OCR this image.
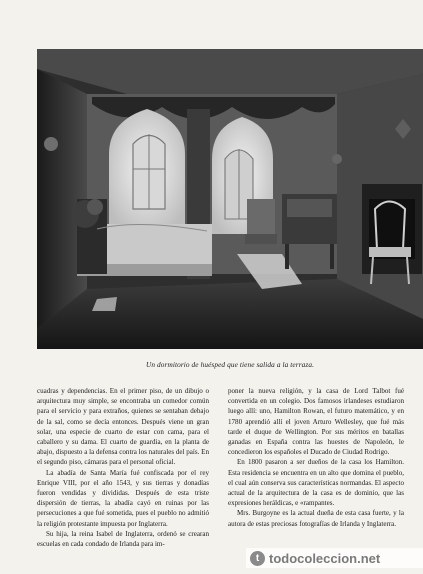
Un dormitorio de huésped que tiene salida a la terraza.

cuadras y dependencias. En el primer piso, de un dibujo o arquitectura muy simple, se encontraba un comedor común para el servicio y para extraños, quienes se sentaban debajo de la sal, como se decía entonces. Después viene un gran solar, una especie de cuarto de estar con cama, para el caballero y su dama. El cuarto de guardia, en la planta de abajo, dispuesto a la defensa contra los naturales del país. En el segundo piso, cámaras para el personal oficial.

La abadía de Santa María fué confiscada por el rey Enrique VIII, por el año 1543, y sus tierras y donadías fueron vendidas y divididas. Después de esta triste dispersión de tierras, la abadía cayó en ruinas por las persecuciones a que fué sometida, pues el pueblo no admitió la religión protestante impuesta por Inglaterra.

Su hija, la reina Isabel de Inglaterra, ordenó se crearan escuelas en cada condado de Irlanda para im-

poner la nueva religión, y la casa de Lord Talbot fué convertida en un colegio. Dos famosos irlandeses estudiaron luego allí: uno, Hamilton Rowan, el futuro matemático, y en 1780 aprendió allí el joven Arturo Wellesley, que fué más tarde el duque de Wellington. Por sus méritos en batallas ganadas en España contra las huestes de Napoleón, le concedieron los españoles el Ducado de Ciudad Rodrigo.

En 1800 pasaron a ser dueños de la casa los Hamilton. Esta residencia se encuentra en un alto que domina el pueblo, el cual aún conserva sus características normandas. El aspecto actual de la arquitectura de la casa es de dominio, que las expresiones heráldicas, e «rampantes.

Mrs. Burgoyne es la actual dueña de esta casa fuerte, y la autora de estas preciosas fotografías de Irlanda y Inglaterra.

t todocoleccion.net
